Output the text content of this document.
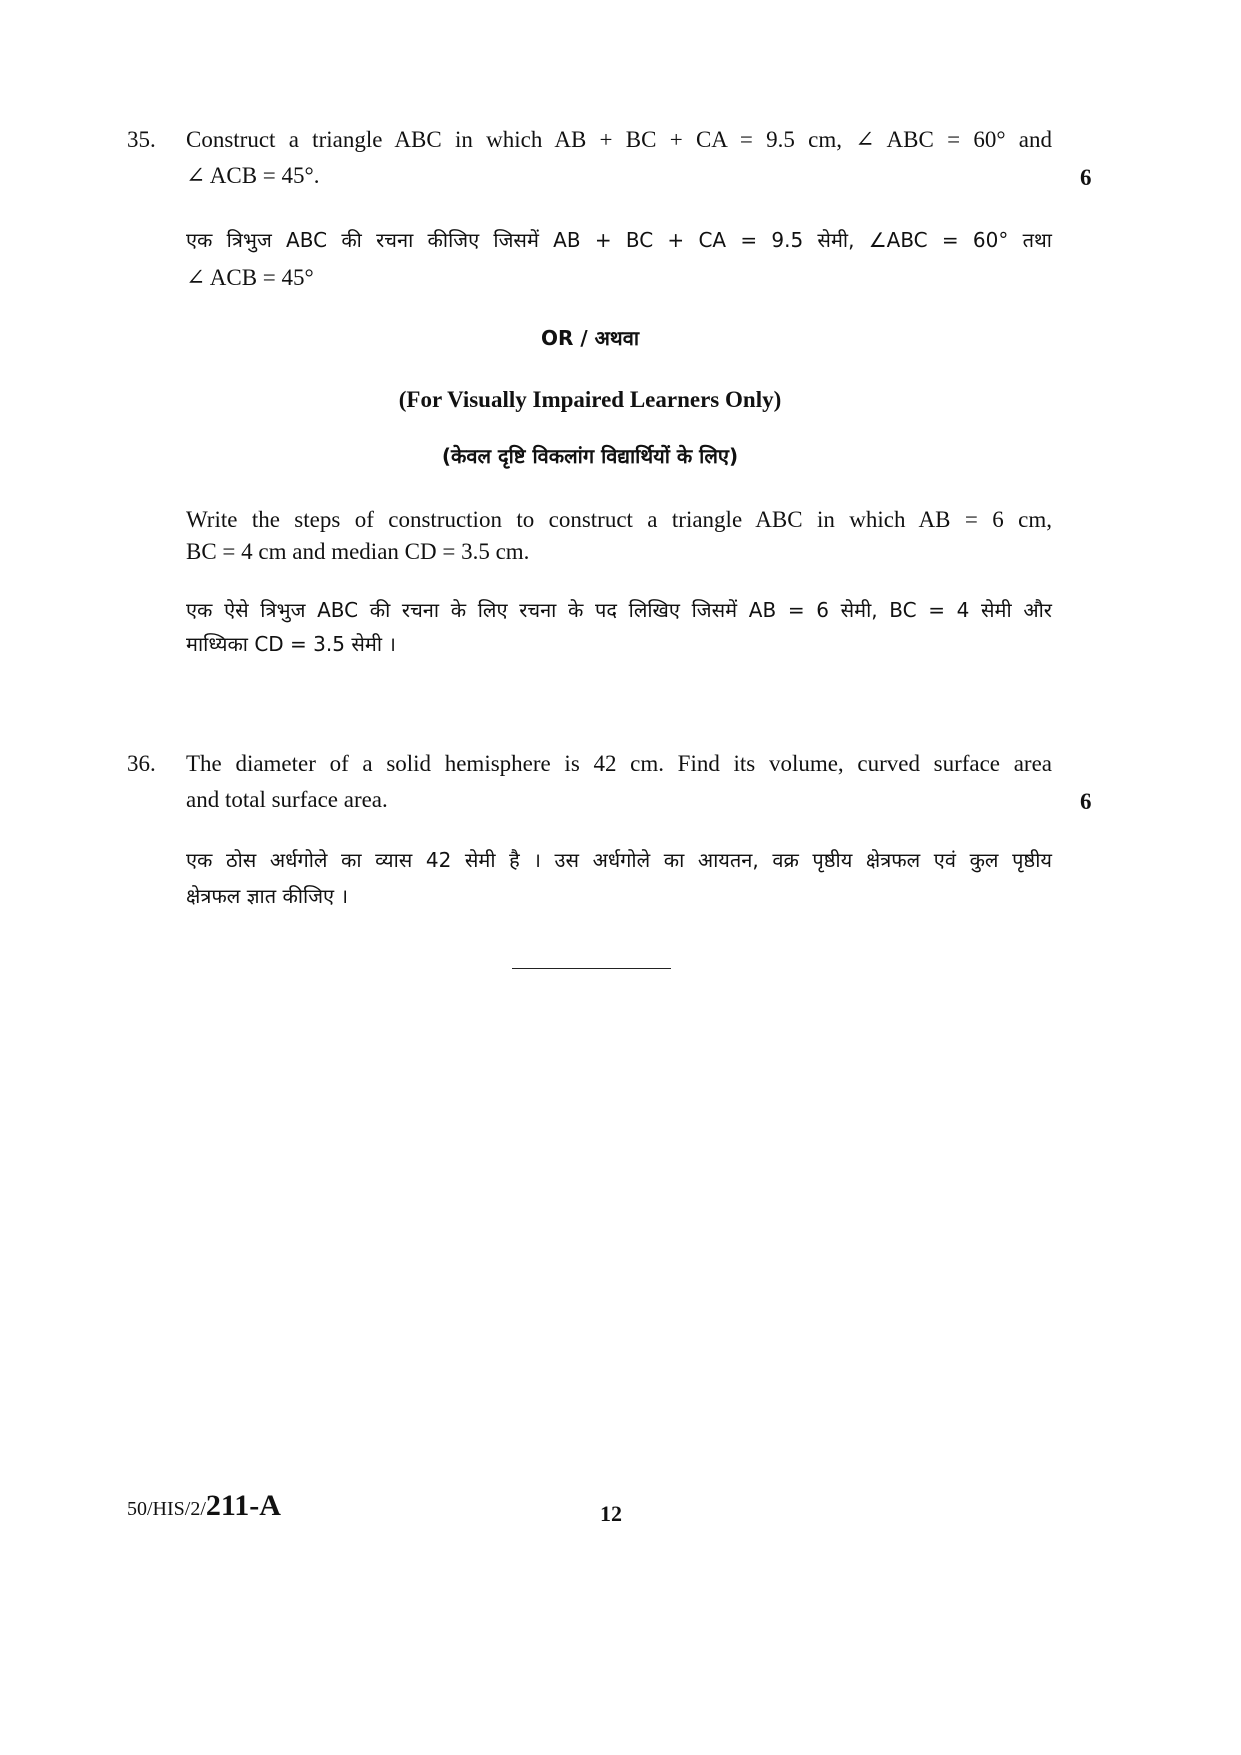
35. Construct a triangle ABC in which AB + BC + CA = 9.5 cm, ∠ ABC = 60° and
∠ ACB = 45°.	6
एक त्रिभुज ABC की रचना कीजिए जिसमें AB + BC + CA = 9.5 सेमी, ∠ABC = 60° तथा
∠ ACB = 45°
OR / अथवा
(For Visually Impaired Learners Only)
(केवल दृष्टि विकलांग विद्यार्थियों के लिए)
Write the steps of construction to construct a triangle ABC in which AB = 6 cm,
BC = 4 cm and median CD = 3.5 cm.
एक ऐसे त्रिभुज ABC की रचना के लिए रचना के पद लिखिए जिसमें AB = 6 सेमी, BC = 4 सेमी और
माध्यिका CD = 3.5 सेमी ।
36. The diameter of a solid hemisphere is 42 cm. Find its volume, curved surface area
and total surface area.	6
एक ठोस अर्धगोले का व्यास 42 सेमी है । उस अर्धगोले का आयतन, वक्र पृष्ठीय क्षेत्रफल एवं कुल पृष्ठीय
क्षेत्रफल ज्ञात कीजिए ।
50/HIS/2/211-A	12
